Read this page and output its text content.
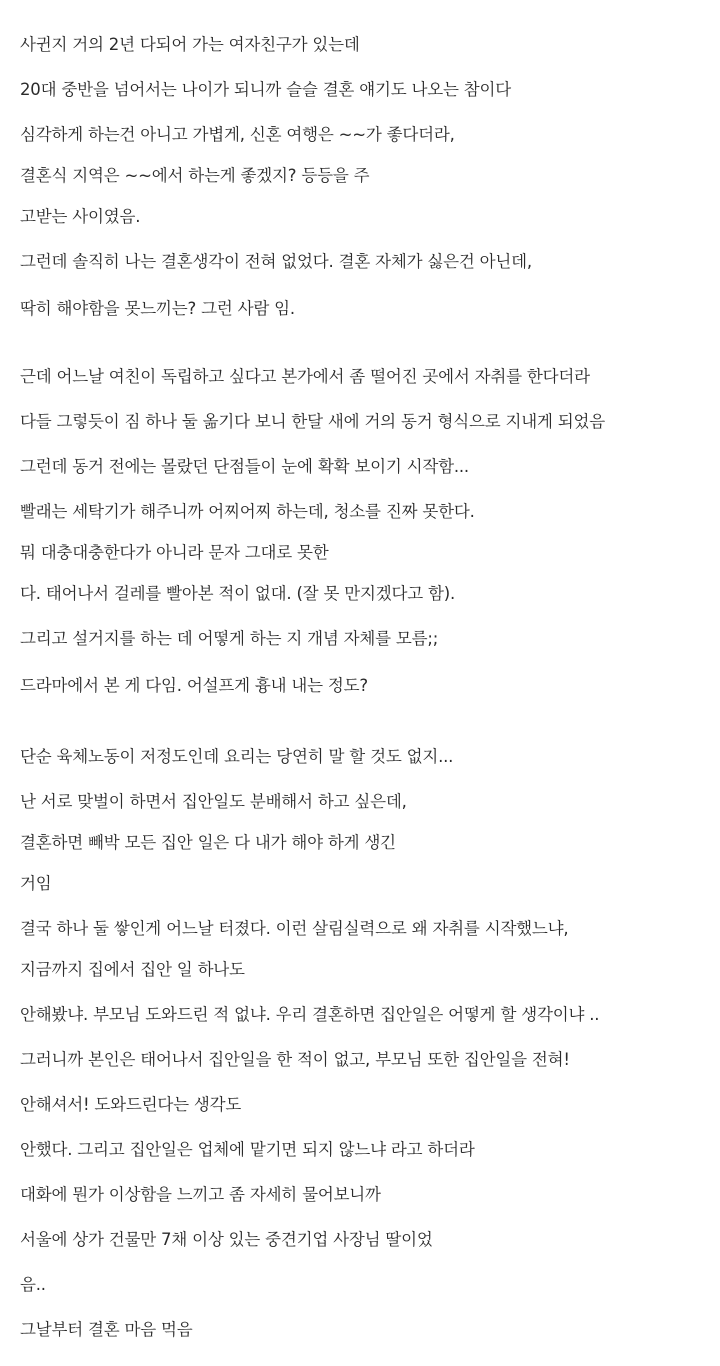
사귄지 거의 2년 다되어 가는 여자친구가 있는데
20대 중반을 넘어서는 나이가 되니까 슬슬 결혼 얘기도 나오는 참이다
심각하게 하는건 아니고 가볍게, 신혼 여행은 ~~가 좋다더라,
결혼식 지역은 ~~에서 하는게 좋겠지? 등등을 주
고받는 사이였음.
그런데 솔직히 나는 결혼생각이 전혀 없었다. 결혼 자체가 싫은건 아닌데,
딱히 해야함을 못느끼는? 그런 사람 임.
근데 어느날 여친이 독립하고 싶다고 본가에서 좀 떨어진 곳에서 자취를 한다더라
다들 그렇듯이 짐 하나 둘 옮기다 보니 한달 새에 거의 동거 형식으로 지내게 되었음
그런데 동거 전에는 몰랐던 단점들이 눈에 확확 보이기 시작함...
빨래는 세탁기가 해주니까 어찌어찌 하는데, 청소를 진짜 못한다.
뭐 대충대충한다가 아니라 문자 그대로 못한
다. 태어나서 걸레를 빨아본 적이 없대. (잘 못 만지겠다고 함).
그리고 설거지를 하는 데 어떻게 하는 지 개념 자체를 모름;;
드라마에서 본 게 다임. 어설프게 흉내 내는 정도?
단순 육체노동이 저정도인데 요리는 당연히 말 할 것도 없지...
난 서로 맞벌이 하면서 집안일도 분배해서 하고 싶은데,
결혼하면 빼박 모든 집안 일은 다 내가 해야 하게 생긴
거임
결국 하나 둘 쌓인게 어느날 터졌다. 이런 살림실력으로 왜 자취를 시작했느냐,
지금까지 집에서 집안 일 하나도
안해봤냐. 부모님 도와드린 적 없냐. 우리 결혼하면 집안일은 어떻게 할 생각이냐 ..
그러니까 본인은 태어나서 집안일을 한 적이 없고, 부모님 또한 집안일을 전혀!
안해셔서! 도와드린다는 생각도
안했다. 그리고 집안일은 업체에 맡기면 되지 않느냐 라고 하더라
대화에 뭔가 이상함을 느끼고 좀 자세히 물어보니까
서울에 상가 건물만 7채 이상 있는 중견기업 사장님 딸이었
음..
그날부터 결혼 마음 먹음
